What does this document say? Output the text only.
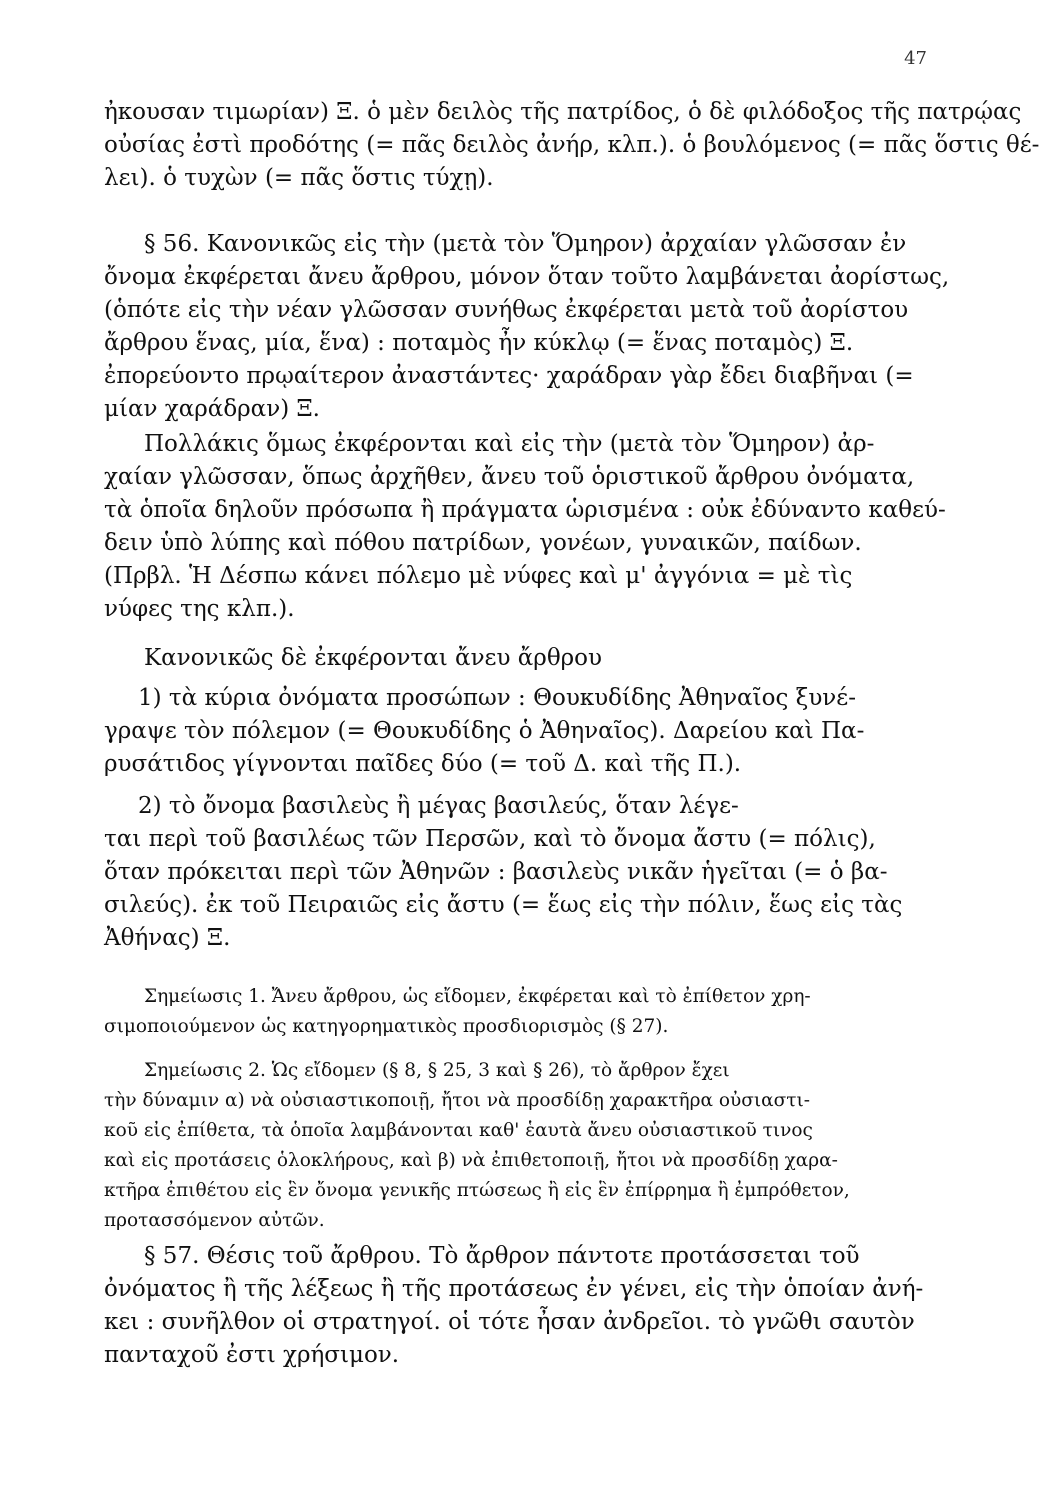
47
ἠκουσαν τιμωρίαν) Ξ. ὁ μὲν δειλὸς τῆς πατρίδος, ὁ δὲ φιλόδοξος τῆς πατρῴας
οὐσίας ἐστὶ προδότης (= πᾶς δειλὸς ἀνήρ, κλπ.). ὁ βουλόμενος (= πᾶς ὅστις θέ-
λει). ὁ τυχὼν (= πᾶς ὅστις τύχῃ).
§ 56. Κανονικῶς εἰς τὴν (μετὰ τὸν Ὅμηρον) ἀρχαίαν γλῶσσαν ἐν
ὄνομα ἐκφέρεται ἄνευ ἄρθρου, μόνον ὅταν τοῦτο λαμβάνεται ἀορίστως,
(ὁπότε εἰς τὴν νέαν γλῶσσαν συνήθως ἐκφέρεται μετὰ τοῦ ἀορίστου
ἄρθρου ἕνας, μία, ἕνα) : ποταμὸς ἦν κύκλῳ (= ἕνας ποταμὸς) Ξ.
ἐπορεύοντο πρῳαίτερον ἀναστάντες· χαράδραν γὰρ ἔδει διαβῆναι (=
μίαν χαράδραν) Ξ.
Πολλάκις ὅμως ἐκφέρονται καὶ εἰς τὴν (μετὰ τὸν Ὅμηρον) ἀρ-
χαίαν γλῶσσαν, ὅπως ἀρχῆθεν, ἄνευ τοῦ ὁριστικοῦ ἄρθρου ὀνόματα,
τὰ ὁποῖα δηλοῦν πρόσωπα ἢ πράγματα ὡρισμένα : οὐκ ἐδύναντο καθεύ-
δειν ὑπὸ λύπης καὶ πόθου πατρίδων, γονέων, γυναικῶν, παίδων.
(Πρβλ. Ἡ Δέσπω κάνει πόλεμο μὲ νύφες καὶ μ' ἀγγόνια = μὲ τὶς
νύφες της κλπ.).
Κανονικῶς δὲ ἐκφέρονται ἄνευ ἄρθρου
1) τὰ κύρια ὀνόματα προσώπων : Θουκυδίδης Ἀθηναῖος ξυνέ-
γραψε τὸν πόλεμον (= Θουκυδίδης ὁ Ἀθηναῖος). Δαρείου καὶ Πα-
ρυσάτιδος γίγνονται παῖδες δύο (= τοῦ Δ. καὶ τῆς Π.).
2) τὸ ὄνομα βασιλεὺς ἢ μέγας βασιλεύς, ὅταν λέγε-
ται περὶ τοῦ βασιλέως τῶν Περσῶν, καὶ τὸ ὄνομα ἄστυ (= πόλις),
ὅταν πρόκειται περὶ τῶν Ἀθηνῶν : βασιλεὺς νικᾶν ἡγεῖται (= ὁ βα-
σιλεύς). ἐκ τοῦ Πειραιῶς εἰς ἄστυ (= ἕως εἰς τὴν πόλιν, ἕως εἰς τὰς
Ἀθήνας) Ξ.
Σημείωσις 1. Ἄνευ ἄρθρου, ὡς εἴδομεν, ἐκφέρεται καὶ τὸ ἐπίθετον χρη-
σιμοποιούμενον ὡς κατηγορηματικὸς προσδιορισμὸς (§ 27).
Σημείωσις 2. Ὡς εἴδομεν (§ 8, § 25, 3 καὶ § 26), τὸ ἄρθρον ἔχει
τὴν δύναμιν α) νὰ οὐσιαστικοποιῇ, ἤτοι νὰ προσδίδῃ χαρακτῆρα οὐσιαστι-
κοῦ εἰς ἐπίθετα, τὰ ὁποῖα λαμβάνονται καθ' ἑαυτὰ ἄνευ οὐσιαστικοῦ τινος
καὶ εἰς προτάσεις ὁλοκλήρους, καὶ β) νὰ ἐπιθετοποιῇ, ἤτοι νὰ προσδίδῃ χαρα-
κτῆρα ἐπιθέτου εἰς ἓν ὄνομα γενικῆς πτώσεως ἢ εἰς ἓν ἐπίρρημα ἢ ἐμπρόθετον,
προτασσόμενον αὐτῶν.
§ 57. Θέσις τοῦ ἄρθρου. Τὸ ἄρθρον πάντοτε προτάσσεται τοῦ
ὀνόματος ἢ τῆς λέξεως ἢ τῆς προτάσεως ἐν γένει, εἰς τὴν ὁποίαν ἀνή-
κει : συνῆλθον οἱ στρατηγοί. οἱ τότε ἦσαν ἀνδρεῖοι. τὸ γνῶθι σαυτὸν
πανταχοῦ ἐστι χρήσιμον.
